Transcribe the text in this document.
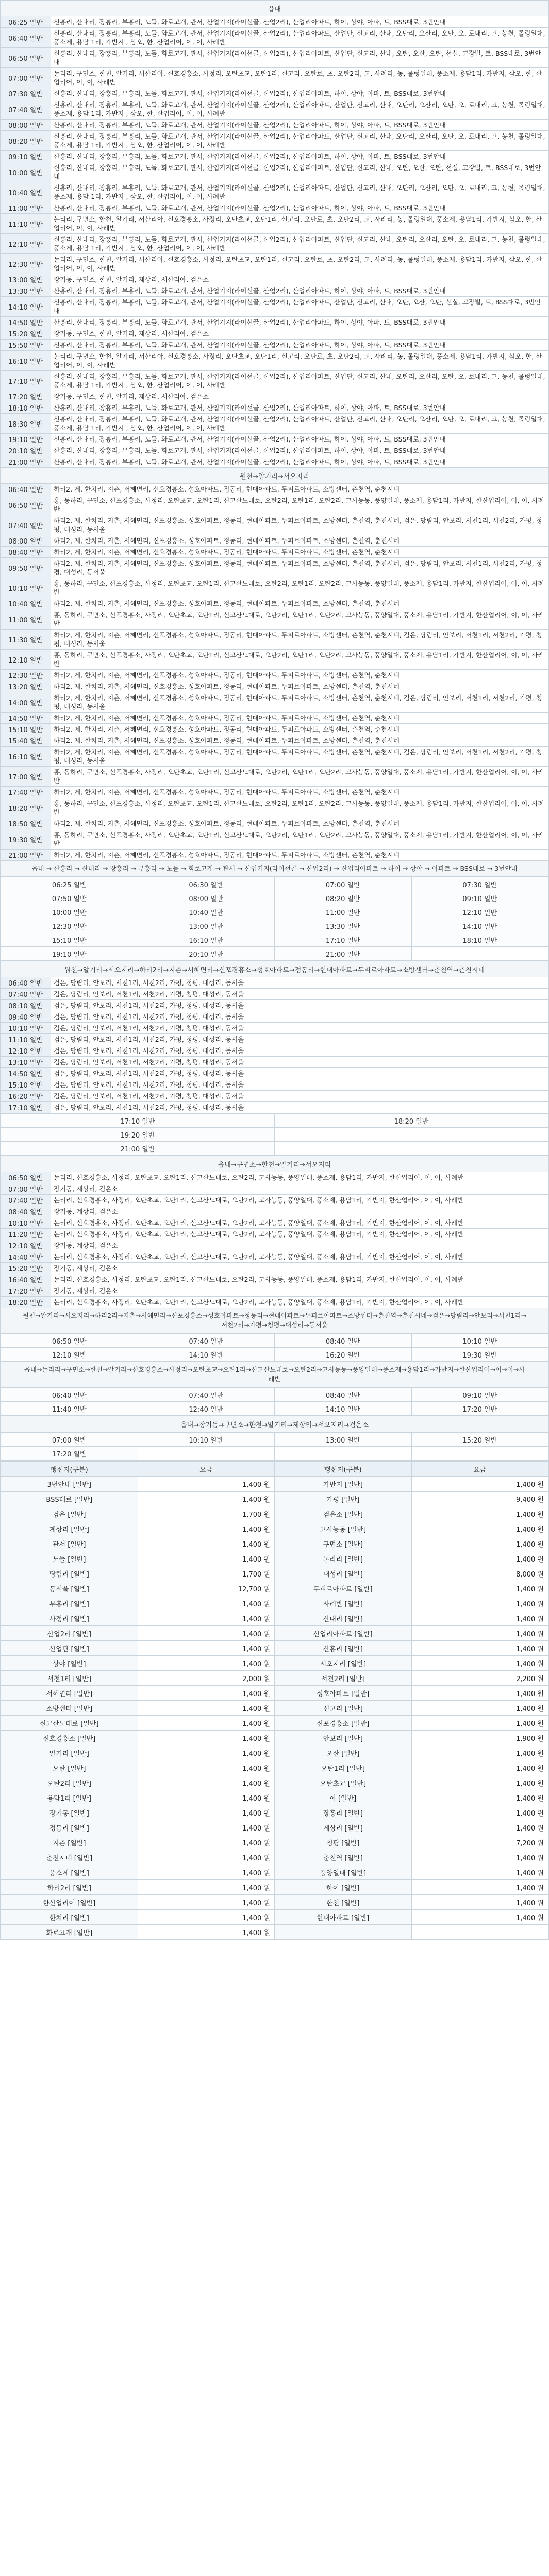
읍내
06:25 일반	신흥리, 산내리, 장흥리, 부흥리, 노들, 화로고개, 관서, 산업기지(라이선골, 산업2리), 산업리아파트, 하이, 상야, 아파, 트, BSS대로, 3번안내
06:40 일반	신흥리, 산내리, 장흥리, 부흥리, 노들, 화로고개, 관서, 산업기지(라이선골, 산업2리), 산업리아파트, 산업단, 신고리, 산내, 오탄리, 오산리, 오탄, 오, 로내리, 고, 농천, 롤렁일대, 풍소제, 용담 1리, 가반지 , 삼오, 한, 산업리어, 이, 이, 사례반
06:50 일반	신흥리, 산내리, 장흥리, 부흥리, 노들, 화로고개, 관서, 산업기지(라이선골, 산업2리), 산업리아파트, 산업단, 신고리, 산내, 오탄, 오산, 오탄, 선실, 고장빌, 트, BSS대로, 3번안내
07:00 일반	논리리, 구면소, 한천, 알기리, 서산리아, 신호경흥소, 사정리, 오탄초교, 오탄1리, 신고리, 오탄로, 초, 오탄2리, 고, 사례리, 농, 롤렁일대, 풍소제, 용담1리, 가반지, 삼오, 한, 산업리어, 이, 이, 사례반
07:30 일반	신흥리, 산내리, 장흥리, 부흥리, 노들, 화로고개, 관서, 산업기지(라이선골, 산업2리), 산업리아파트, 하이, 상야, 아파, 트, BSS대로, 3번안내
07:40 일반	신흥리, 산내리, 장흥리, 부흥리, 노들, 화로고개, 관서, 산업기지(라이선골, 산업2리), 산업리아파트, 산업단, 신고리, 산내, 오탄리, 오산리, 오탄, 오, 로내리, 고, 농천, 롤렁일대, 풍소제, 용담 1리, 가반지 , 삼오, 한, 산업리어, 이, 이, 사례반
08:00 일반	산흥리, 산내리, 장흥리, 부흥리, 노들, 화로고개, 관서, 산업기지(라이선골, 산업2리), 산업리아파트, 하이, 상야, 아파, 트, BSS대로, 3번안내
08:20 일반	신흥리, 산내리, 장흥리, 부흥리, 노들, 화로고개, 관서, 산업기지(라이선골, 산업2리), 산업리아파트, 산업단, 신고리, 산내, 오탄리, 오산리, 오탄, 오, 로내리, 고, 농천, 롤렁일대, 풍소제, 용담 1리, 가반지 , 삼오, 한, 산업리어, 이, 이, 사례반
09:10 일반	산흥리, 산내리, 장흥리, 부흥리, 노들, 화로고개, 관서, 산업기지(라이선골, 산업2리), 산업리아파트, 하이, 상야, 아파, 트, BSS대로, 3번안내
10:00 일반	신흥리, 산내리, 장흥리, 부흥리, 노들, 화로고개, 관서, 산업기지(라이선골, 산업2리), 산업리아파트, 산업단, 신고리, 산내, 오탄, 오산, 오탄, 선실, 고장빌, 트, BSS대로, 3번안내
10:40 일반	신흥리, 산내리, 장흥리, 부흥리, 노들, 화로고개, 관서, 산업기지(라이선골, 산업2리), 산업리아파트, 산업단, 신고리, 산내, 오탄리, 오산리, 오탄, 오, 로내리, 고, 농천, 롤렁일대, 풍소제, 용담 1리, 가반지 , 삼오, 한, 산업리어, 이, 이, 사례반
11:00 일반	산흥리, 산내리, 장흥리, 부흥리, 노들, 화로고개, 관서, 산업기지(라이선골, 산업2리), 산업리아파트, 하이, 상야, 아파, 트, BSS대로, 3번안내
11:10 일반	논리리, 구면소, 한천, 알기리, 서산리아, 신호경흥소, 사정리, 오탄초교, 오탄1리, 신고리, 오탄로, 초, 오탄2리, 고, 사례리, 농, 롤렁일대, 풍소제, 용담1리, 가반지, 삼오, 한, 산업리어, 이, 이, 사례반
12:10 일반	신흥리, 산내리, 장흥리, 부흥리, 노들, 화로고개, 관서, 산업기지(라이선골, 산업2리), 산업리아파트, 산업단, 신고리, 산내, 오탄리, 오산리, 오탄, 오, 로내리, 고, 농천, 롤렁일대, 풍소제, 용담 1리, 가반지 , 삼오, 한, 산업리어, 이, 이, 사례반
12:30 일반	논리리, 구면소, 한천, 알기리, 서산리아, 신호경흥소, 사정리, 오탄초교, 오탄1리, 신고리, 오탄로, 초, 오탄2리, 고, 사례리, 농, 롤렁일대, 풍소제, 용담1리, 가반지, 삼오, 한, 산업리어, 이, 이, 사례반
13:00 일반	장기동, 구면소, 한천, 알기리, 제상리, 서산리아, 검은소
13:30 일반	산흥리, 산내리, 장흥리, 부흥리, 노들, 화로고개, 관서, 산업기지(라이선골, 산업2리), 산업리아파트, 하이, 상야, 아파, 트, BSS대로, 3번안내
14:10 일반	신흥리, 산내리, 장흥리, 부흥리, 노들, 화로고개, 관서, 산업기지(라이선골, 산업2리), 산업리아파트, 산업단, 신고리, 산내, 오탄, 오산, 오탄, 선실, 고장빌, 트, BSS대로, 3번안내
14:50 일반	산흥리, 산내리, 장흥리, 부흥리, 노들, 화로고개, 관서, 산업기지(라이선골, 산업2리), 산업리아파트, 하이, 상야, 아파, 트, BSS대로, 3번안내
15:20 일반	장기동, 구면소, 한천, 알기리, 제상리, 서산리아, 검은소
15:50 일반	신흥리, 산내리, 장흥리, 부흥리, 노들, 화로고개, 관서, 산업기지(라이선골, 산업2리), 산업리아파트, 하이, 상야, 아파, 트, BSS대로, 3번안내
16:10 일반	논리리, 구면소, 한천, 알기리, 서산리아, 신호경흥소, 사정리, 오탄초교, 오탄1리, 신고리, 오탄로, 초, 오탄2리, 고, 사례리, 농, 롤렁일대, 풍소제, 용담1리, 가반지, 삼오, 한, 산업리어, 이, 이, 사례반
17:10 일반	신흥리, 산내리, 장흥리, 부흥리, 노들, 화로고개, 관서, 산업기지(라이선골, 산업2리), 산업리아파트, 산업단, 신고리, 산내, 오탄리, 오산리, 오탄, 오, 로내리, 고, 농천, 롤렁일대, 풍소제, 용담 1리, 가반지 , 삼오, 한, 산업리어, 이, 이, 사례반
17:20 일반	장기동, 구면소, 한천, 알기리, 제상리, 서산리아, 검은소
18:10 일반	산흥리, 산내리, 장흥리, 부흥리, 노들, 화로고개, 관서, 산업기지(라이선골, 산업2리), 산업리아파트, 하이, 상야, 아파, 트, BSS대로, 3번안내
18:30 일반	신흥리, 산내리, 장흥리, 부흥리, 노들, 화로고개, 관서, 산업기지(라이선골, 산업2리), 산업리아파트, 산업단, 신고리, 산내, 오탄리, 오산리, 오탄, 오, 로내리, 고, 농천, 롤렁일대, 풍소제, 용담 1리, 가반지 , 삼오, 한, 산업리어, 이, 이, 사례반
19:10 일반	신흥리, 산내리, 장흥리, 부흥리, 노들, 화로고개, 관서, 산업기지(라이선골, 산업2리), 산업리아파트, 하이, 상야, 아파, 트, BSS대로, 3번안내
20:10 일반	산흥리, 산내리, 장흥리, 부흥리, 노들, 화로고개, 관서, 산업기지(라이선골, 산업2리), 산업리아파트, 하이, 상야, 아파, 트, BSS대로, 3번안내
21:00 일반	산흥리, 산내리, 장흥리, 부흥리, 노들, 화로고개, 관서, 산업기지(라이선골, 산업2리), 산업리아파트, 하이, 상야, 아파, 트, BSS대로, 3번안내
원천→알기리→서오지리
06:40 일반	하리2, 제, 한치리, 지츤, 서혜면리, 신호경흥소, 성호아파트, 정동리, 현대아파트, 두피르아파트, 소방센터, 춘천역, 춘천시네
06:50 일반	홍, 동하리, 구면소, 신포경흥소, 사정리, 오탄초교, 오탄1리, 신고산노대로, 오탄2리, 오탄1리, 오탄2리, 고사능동, 풍양일대, 풍소제, 용담1리, 가반지, 한산업리어, 이, 이, 사례반
07:40 일반	하리2, 제, 한치리, 지츤, 서혜면리, 신포경흥소, 성호아파트, 정동리, 현대아파트, 두피르아파트, 소방센터, 춘천역, 춘천시네, 검은, 당림리, 안보리, 서천1리, 서천2리, 가평, 청평, 대성리, 동서울
08:00 일반	하리2, 제, 한치리, 지츤, 서혜면리, 신포경흥소, 성호아파트, 정동리, 현대아파트, 두피르아파트, 소방센터, 춘천역, 춘천시네
08:40 일반	하리2, 제, 한치리, 지츤, 서혜면리, 신호경흥소, 성호아파트, 정동리, 현대아파트, 두피르아파트, 소방센터, 춘천역, 춘천시네
09:50 일반	하리2, 제, 한치리, 지츤, 서혜면리, 신포경흥소, 성호아파트, 정동리, 현대아파트, 두피르아파트, 소방센터, 춘천역, 춘천시네, 검은, 당림리, 안보리, 서천1리, 서천2리, 가평, 청평, 대성리, 동서울
10:10 일반	홍, 동하리, 구면소, 신포경흥소, 사정리, 오탄초교, 오탄1리, 신고산노대로, 오탄2리, 오탄1리, 오탄2리, 고사능동, 풍양일대, 풍소제, 용담1리, 가반지, 한산업리어, 이, 이, 사례반
10:40 일반	하리2, 제, 한치리, 지츤, 서혜면리, 신포경흥소, 성호아파트, 정동리, 현대아파트, 두피르아파트, 소방센터, 춘천역, 춘천시네
11:00 일반	홍, 동하리, 구면소, 신포경흥소, 사정리, 오탄초교, 오탄1리, 신고산노대로, 오탄2리, 오탄1리, 오탄2리, 고사능동, 풍양일대, 풍소제, 용담1리, 가반지, 한산업리어, 이, 이, 사례반
11:30 일반	하리2, 제, 한치리, 지츤, 서혜면리, 신포경흥소, 성호아파트, 정동리, 현대아파트, 두피르아파트, 소방센터, 춘천역, 춘천시네, 검은, 당림리, 안보리, 서천1리, 서천2리, 가평, 청평, 대성리, 동서울
12:10 일반	홍, 동하리, 구면소, 신포경흥소, 사정리, 오탄초교, 오탄1리, 신고산노대로, 오탄2리, 오탄1리, 오탄2리, 고사능동, 풍양일대, 풍소제, 용담1리, 가반지, 한산업리어, 이, 이, 사례반
12:30 일반	하리2, 제, 한치리, 지츤, 서혜면리, 신포경흥소, 성호아파트, 정동리, 현대아파트, 두피르아파트, 소방센터, 춘천역, 춘천시네
13:20 일반	하리2, 제, 한치리, 지츤, 서혜면리, 신호경흥소, 성호아파트, 정동리, 현대아파트, 두피르아파트, 소방센터, 춘천역, 춘천시네
14:00 일반	하리2, 제, 한치리, 지츤, 서혜면리, 신포경흥소, 성호아파트, 정동리, 현대아파트, 두피르아파트, 소방센터, 춘천역, 춘천시네, 검은, 당림리, 안보리, 서천1리, 서천2리, 가평, 청평, 대성리, 동서울
14:50 일반	하리2, 제, 한치리, 지츤, 서혜면리, 신포경흥소, 성호아파트, 정동리, 현대아파트, 두피르아파트, 소방센터, 춘천역, 춘천시네
15:10 일반	하리2, 제, 한치리, 지츤, 서혜면리, 신호경흥소, 성호아파트, 정동리, 현대아파트, 두피르아파트, 소방센터, 춘천역, 춘천시네
15:40 일반	하리2, 제, 한치리, 지츤, 서혜면리, 신포경흥소, 성호아파트, 정동리, 현대아파트, 두피르아파트, 소방센터, 춘천역, 춘천시네
16:10 일반	하리2, 제, 한치리, 지츤, 서혜면리, 신포경흥소, 성호아파트, 정동리, 현대아파트, 두피르아파트, 소방센터, 춘천역, 춘천시네, 검은, 당림리, 안보리, 서천1리, 서천2리, 가평, 청평, 대성리, 동서울
17:00 일반	홍, 동하리, 구면소, 신포경흥소, 사정리, 오탄초교, 오탄1리, 신고산노대로, 오탄2리, 오탄1리, 오탄2리, 고사능동, 풍양일대, 풍소제, 용담1리, 가반지, 한산업리어, 이, 이, 사례반
17:40 일반	하리2, 제, 한치리, 지츤, 서혜면리, 신포경흥소, 성호아파트, 정동리, 현대아파트, 두피르아파트, 소방센터, 춘천역, 춘천시네
18:20 일반	홍, 동하리, 구면소, 신포경흥소, 사정리, 오탄초교, 오탄1리, 신고산노대로, 오탄2리, 오탄1리, 오탄2리, 고사능동, 풍양일대, 풍소제, 용담1리, 가반지, 한산업리어, 이, 이, 사례반
18:50 일반	하리2, 제, 한치리, 지츤, 서혜면리, 신포경흥소, 성호아파트, 정동리, 현대아파트, 두피르아파트, 소방센터, 춘천역, 춘천시네
19:30 일반	홍, 동하리, 구면소, 신포경흥소, 사정리, 오탄초교, 오탄1리, 신고산노대로, 오탄2리, 오탄1리, 오탄2리, 고사능동, 풍양일대, 풍소제, 용담1리, 가반지, 한산업리어, 이, 이, 사례반
21:00 일반	하리2, 제, 한치리, 지츤, 서혜면리, 신포경흥소, 성호아파트, 정동리, 현대아파트, 두피르아파트, 소방센터, 춘천역, 춘천시네
읍내 → 산흥리 → 산내리 → 장흥리 → 부흥리 → 노들 → 화로고개 → 관서 → 산업기지(라이선골 → 산업2리) → 산업리아파트 → 하이 → 상야 → 아파트 → BSS대로 → 3번안내

06:25 일반	06:30 일반	07:00 일반	07:30 일반
07:50 일반	08:00 일반	08:20 일반	09:10 일반
10:00 일반	10:40 일반	11:00 일반	12:10 일반
12:30 일반	13:00 일반	13:30 일반	14:10 일반
15:10 일반	16:10 일반	17:10 일반	18:10 일반
19:10 일반	20:10 일반	21:00 일반	

원천→알기리→서오지리→하리2리→지츤→서혜면리→신포경흥소→성호아파트→정동리→현대아파트→두피르아파트→소방센터→춘천역→춘천시네
06:40 일반	검은, 당림리, 안보리, 서천1리, 서천2리, 가평, 청평, 대성리, 동서울
07:40 일반	검은, 당림리, 안보리, 서천1리, 서천2리, 가평, 청평, 대성리, 동서울
08:10 일반	검은, 당림리, 안보리, 서천1리, 서천2리, 가평, 청평, 대성리, 동서울
09:40 일반	검은, 당림리, 안보리, 서천1리, 서천2리, 가평, 청평, 대성리, 동서울
10:10 일반	검은, 당림리, 안보리, 서천1리, 서천2리, 가평, 청평, 대성리, 동서울
11:10 일반	검은, 당림리, 안보리, 서천1리, 서천2리, 가평, 청평, 대성리, 동서울
12:10 일반	검은, 당림리, 안보리, 서천1리, 서천2리, 가평, 청평, 대성리, 동서울
13:10 일반	검은, 당림리, 안보리, 서천1리, 서천2리, 가평, 청평, 대성리, 동서울
14:50 일반	검은, 당림리, 안보리, 서천1리, 서천2리, 가평, 청평, 대성리, 동서울
15:10 일반	검은, 당림리, 안보리, 서천1리, 서천2리, 가평, 청평, 대성리, 동서울
16:20 일반	검은, 당림리, 안보리, 서천1리, 서천2리, 가평, 청평, 대성리, 동서울
17:10 일반	검은, 당림리, 안보리, 서천1리, 서천2리, 가평, 청평, 대성리, 동서울

17:10 일반	18:20 일반
19:20 일반	
21:00 일반	

읍내→구면소→한천→알기리→서오지리
06:50 일반	논리리, 신호경흥소, 사정리, 오탄초교, 오탄1리, 신고산노대로, 오탄2리, 고사능동, 풍양일대, 풍소제, 용담1리, 가반지, 한산업리어, 이, 이, 사례반
07:00 일반	장기동, 계상리, 검은소
07:40 일반	논리리, 신호경흥소, 사정리, 오탄초교, 오탄1리, 신고산노대로, 오탄2리, 고사능동, 풍양일대, 풍소제, 용담1리, 가반지, 한산업리어, 이, 이, 사례반
08:40 일반	장기동, 계상리, 검은소
10:10 일반	논리리, 신호경흥소, 사정리, 오탄초교, 오탄1리, 신고산노대로, 오탄2리, 고사능동, 풍양일대, 풍소제, 용담1리, 가반지, 한산업리어, 이, 이, 사례반
11:20 일반	논리리, 신호경흥소, 사정리, 오탄초교, 오탄1리, 신고산노대로, 오탄2리, 고사능동, 풍양일대, 풍소제, 용담1리, 가반지, 한산업리어, 이, 이, 사례반
12:10 일반	장기동, 계상리, 검은소
14:40 일반	논리리, 신호경흥소, 사정리, 오탄초교, 오탄1리, 신고산노대로, 오탄2리, 고사능동, 풍양일대, 풍소제, 용담1리, 가반지, 한산업리어, 이, 이, 사례반
15:20 일반	장기동, 계상리, 검은소
16:40 일반	논리리, 신호경흥소, 사정리, 오탄초교, 오탄1리, 신고산노대로, 오탄2리, 고사능동, 풍양일대, 풍소제, 용담1리, 가반지, 한산업리어, 이, 이, 사례반
17:20 일반	장기동, 계상리, 검은소
18:20 일반	논리리, 신호경흥소, 사정리, 오탄초교, 오탄1리, 신고산노대로, 오탄2리, 고사능동, 풍양일대, 풍소제, 용담1리, 가반지, 한산업리어, 이, 이, 사례반
원천→알기리→서오지리→하리2리→지츤→서혜면리→신포경흥소→성호아파트→정동리→현대아파트→두피르아파트→소방센터→춘천역→춘천시네→검은→당림리→안보리→서천1리→서천2리→가평→청평→대성리→동서울

06:50 일반	07:40 일반	08:40 일반	10:10 일반
12:10 일반	14:10 일반	16:20 일반	19:30 일반

읍내→논리리→구면소→한천→알기리→신호경흥소→사정리→오탄초교→오탄1리→신고산노대로→오탄2리→고사능동→풍양일대→풍소제→용담1리→가반지→한산업리어→이→이→사례반

06:40 일반	07:40 일반	08:40 일반	09:10 일반
11:40 일반	12:40 일반	14:10 일반	17:20 일반

읍내→장기동→구면소→한천→알기리→제상리→서오지리→검은소

07:00 일반	10:10 일반	13:00 일반	15:20 일반
17:20 일반			

행선지(구분)	요금	행선지(구분)	요금
3번안내 [일반]	1,400 원	가반지 [일반]	1,400 원
BSS대로 [일반]	1,400 원	가평 [일반]	9,400 원
검은 [일반]	1,700 원	검은소 [일반]	1,400 원
계상리 [일반]	1,400 원	고사능동 [일반]	1,400 원
관서 [일반]	1,400 원	구면소 [일반]	1,400 원
노들 [일반]	1,400 원	논리리 [일반]	1,400 원
당림리 [일반]	1,700 원	대성리 [일반]	8,000 원
동서울 [일반]	12,700 원	두피르아파트 [일반]	1,400 원
부흥리 [일반]	1,400 원	사례반 [일반]	1,400 원
사정리 [일반]	1,400 원	산내리 [일반]	1,400 원
산업2리 [일반]	1,400 원	산업리아파트 [일반]	1,400 원
산업단 [일반]	1,400 원	산흥리 [일반]	1,400 원
상야 [일반]	1,400 원	서오지리 [일반]	1,400 원
서천1리 [일반]	2,000 원	서천2리 [일반]	2,200 원
서혜면리 [일반]	1,400 원	성호아파트 [일반]	1,400 원
소방센터 [일반]	1,400 원	신고리 [일반]	1,400 원
신고산노대로 [일반]	1,400 원	신포경흥소 [일반]	1,400 원
신호경흥소 [일반]	1,400 원	안보리 [일반]	1,900 원
알기리 [일반]	1,400 원	오산 [일반]	1,400 원
오탄 [일반]	1,400 원	오탄1리 [일반]	1,400 원
오탄2리 [일반]	1,400 원	오탄초교 [일반]	1,400 원
용담1리 [일반]	1,400 원	이 [일반]	1,400 원
장기동 [일반]	1,400 원	장흥리 [일반]	1,400 원
정동리 [일반]	1,400 원	제상리 [일반]	1,400 원
지츤 [일반]	1,400 원	청평 [일반]	7,200 원
춘천시네 [일반]	1,400 원	춘천역 [일반]	1,400 원
풍소제 [일반]	1,400 원	풍양일대 [일반]	1,400 원
하리2리 [일반]	1,400 원	하이 [일반]	1,400 원
한산업리어 [일반]	1,400 원	한천 [일반]	1,400 원
한치리 [일반]	1,400 원	현대아파트 [일반]	1,400 원
화로고개 [일반]	1,400 원		
